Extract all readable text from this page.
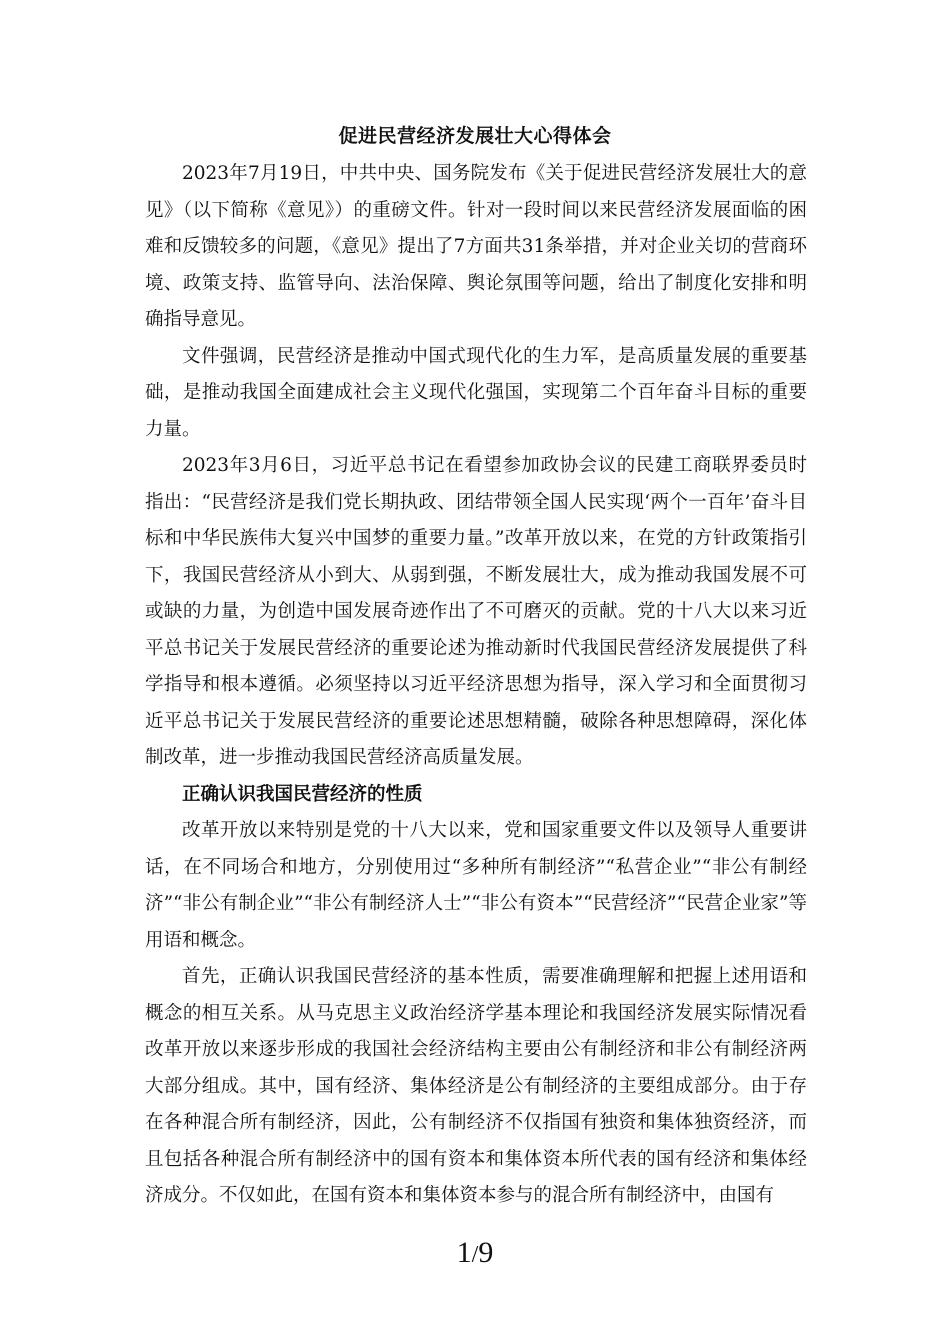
促进民营经济发展壮大心得体会

2023年7月19日，中共中央、国务院发布《关于促进民营经济发展壮大的意见》（以下简称《意见》）的重磅文件。针对一段时间以来民营经济发展面临的困难和反馈较多的问题，《意见》提出了7方面共31条举措，并对企业关切的营商环境、政策支持、监管导向、法治保障、舆论氛围等问题，给出了制度化安排和明确指导意见。

文件强调，民营经济是推动中国式现代化的生力军，是高质量发展的重要基础，是推动我国全面建成社会主义现代化强国，实现第二个百年奋斗目标的重要力量。

2023年3月6日，习近平总书记在看望参加政协会议的民建工商联界委员时指出：“民营经济是我们党长期执政、团结带领全国人民实现‘两个一百年’奋斗目标和中华民族伟大复兴中国梦的重要力量。”改革开放以来，在党的方针政策指引下，我国民营经济从小到大、从弱到强，不断发展壮大，成为推动我国发展不可或缺的力量，为创造中国发展奇迹作出了不可磨灭的贡献。党的十八大以来习近平总书记关于发展民营经济的重要论述为推动新时代我国民营经济发展提供了科学指导和根本遵循。必须坚持以习近平经济思想为指导，深入学习和全面贯彻习近平总书记关于发展民营经济的重要论述思想精髓，破除各种思想障碍，深化体制改革，进一步推动我国民营经济高质量发展。

正确认识我国民营经济的性质

改革开放以来特别是党的十八大以来，党和国家重要文件以及领导人重要讲话，在不同场合和地方，分别使用过“多种所有制经济”“私营企业”“非公有制经济”“非公有制企业”“非公有制经济人士”“非公有资本”“民营经济”“民营企业家”等用语和概念。

首先，正确认识我国民营经济的基本性质，需要准确理解和把握上述用语和概念的相互关系。从马克思主义政治经济学基本理论和我国经济发展实际情况看改革开放以来逐步形成的我国社会经济结构主要由公有制经济和非公有制经济两大部分组成。其中，国有经济、集体经济是公有制经济的主要组成部分。由于存在各种混合所有制经济，因此，公有制经济不仅指国有独资和集体独资经济，而且包括各种混合所有制经济中的国有资本和集体资本所代表的国有经济和集体经济成分。不仅如此，在国有资本和集体资本参与的混合所有制经济中，由国有

1/9
